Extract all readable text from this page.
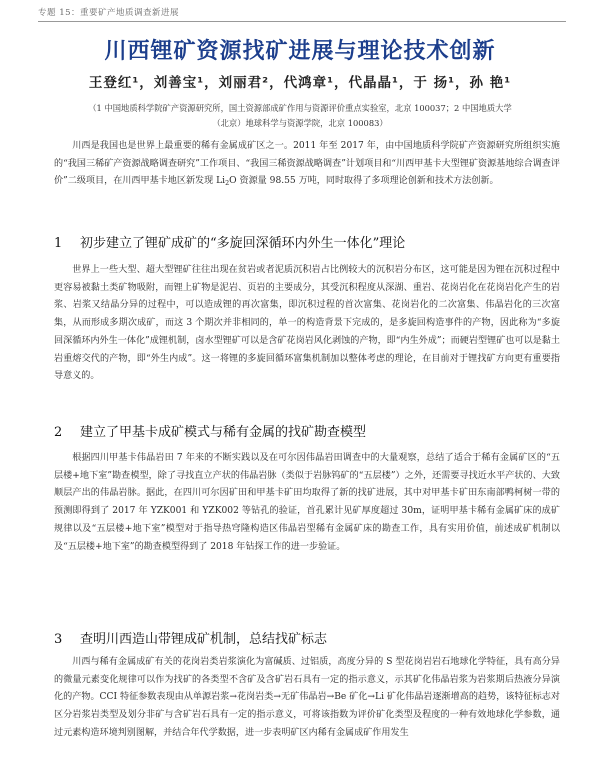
专题 15：重要矿产地质调查新进展
川西锂矿资源找矿进展与理论技术创新
王登红¹，刘善宝¹，刘丽君²，代鸿章¹，代晶晶¹，于 扬¹，孙 艳¹
（1 中国地质科学院矿产资源研究所，国土资源部成矿作用与资源评价重点实验室，北京 100037；2 中国地质大学
（北京）地球科学与资源学院，北京 100083）

川西是我国也是世界上最重要的稀有金属成矿区之一。2011 年至 2017 年，由中国地质科学院矿产资源研究所组织实施的“我国三稀矿产资源战略调查研究”工作项目、“我国三稀资源战略调查”计划项目和“川西甲基卡大型锂矿资源基地综合调查评价”二级项目，在川西甲基卡地区新发现 $Li_2O$ 资源量 98.55 万吨，同时取得了多项理论创新和技术方法创新。

1 初步建立了锂矿成矿的“多旋回深循环内外生一体化”理论

世界上一些大型、超大型锂矿往往出现在贫岩或者泥质沉积岩占比例较大的沉积岩分布区，这可能是因为锂在沉积过程中更容易被黏土类矿物吸附，而锂上矿物是泥岩、页岩的主要成分，其受沉积程度从深湖、重岩、花岗岩化在花岗岩化产生的岩浆、岩浆又结晶分异的过程中，可以造成锂的再次富集，即沉积过程的首次富集、花岗岩化的二次富集、伟晶岩化的三次富集，从而形成多期次成矿，而这 3 个期次并非相同的，单一的构造背景下完成的，是多旋回构造事件的产物，因此称为“多旋回深循环内外生一体化”成锂机制，卤水型锂矿可以是含矿花岗岩风化剥蚀的产物，即“内生外成”；而硬岩型锂矿也可以是黏土岩重熔交代的产物，即“外生内成”。这一将锂的多旋回循环富集机制加以整体考虑的理论，在目前对于锂找矿方向更有重要指导意义的。

2 建立了甲基卡成矿模式与稀有金属的找矿勘查模型

根据四川甲基卡伟晶岩田 7 年来的不断实践以及在可尔因伟晶岩田调查中的大量观察，总结了适合于稀有金属矿区的“五层楼+地下室”勘查模型，除了寻找直立产状的伟晶岩脉（类似于岩脉钨矿的“五层楼”）之外，还需要寻找近水平产状的、大致顺层产出的伟晶岩脉。据此，在四川可尔因矿田和甲基卡矿田均取得了新的找矿进展，其中对甲基卡矿田东南部鸭柯树一带的预测即得到了 2017 年 YZK001 和 YZK002 等钻孔的验证，首孔累计见矿厚度超过 30m，证明甲基卡稀有金属矿床的成矿规律以及“五层楼+地下室”模型对于指导热穹隆构造区伟晶岩型稀有金属矿床的勘查工作，具有实用价值，前述成矿机制以及“五层楼+地下室”的勘查模型得到了 2018 年钻探工作的进一步验证。

3 查明川西造山带锂成矿机制，总结找矿标志

川西与稀有金属成矿有关的花岗岩类岩浆演化为富碱质、过铝质，高度分异的 S 型花岗岩岩石地球化学特征，具有高分异的微量元素变化规律可以作为找矿的各类型不含矿及含矿岩石具有一定的指示意义，示其矿化伟晶岩浆为岩浆期后热液分异演化的产物。CCI 特征参数表现由从单源岩浆→花岗岩类→无矿伟晶岩→Be 矿化→Li 矿化伟晶岩逐渐增高的趋势，该特征标志对区分岩浆岩类型及划分非矿与含矿岩石具有一定的指示意义，可将该指数为评价矿化类型及程度的一种有效地球化学参数，通过元素构造环境判别图解，并结合年代学数据，进一步表明矿区内稀有金属成矿作用发生
